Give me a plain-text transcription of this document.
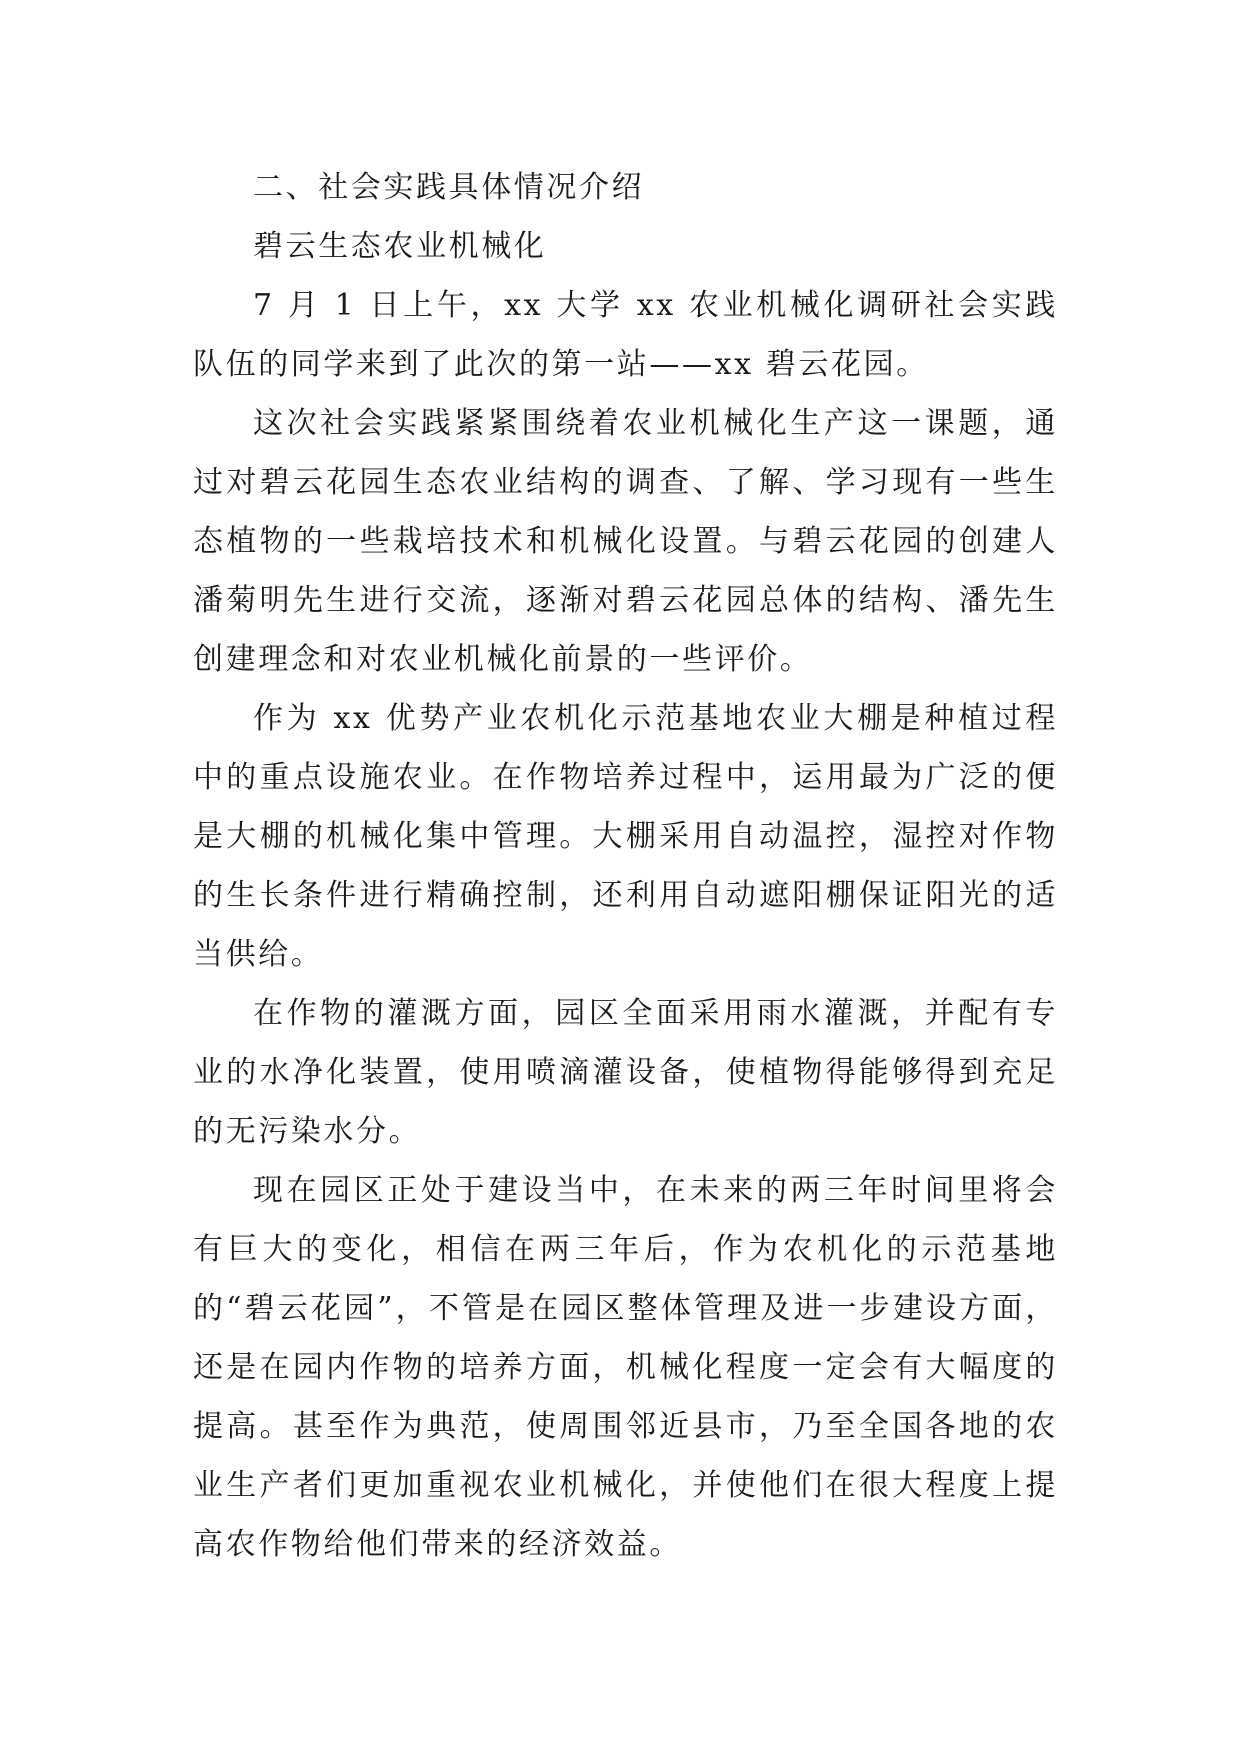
二、社会实践具体情况介绍

碧云生态农业机械化

7 月 1 日上午，xx 大学 xx 农业机械化调研社会实践队伍的同学来到了此次的第一站——xx 碧云花园。

这次社会实践紧紧围绕着农业机械化生产这一课题，通过对碧云花园生态农业结构的调查、了解、学习现有一些生态植物的一些栽培技术和机械化设置。与碧云花园的创建人潘菊明先生进行交流，逐渐对碧云花园总体的结构、潘先生创建理念和对农业机械化前景的一些评价。

作为 xx 优势产业农机化示范基地农业大棚是种植过程中的重点设施农业。在作物培养过程中，运用最为广泛的便是大棚的机械化集中管理。大棚采用自动温控，湿控对作物的生长条件进行精确控制，还利用自动遮阳棚保证阳光的适当供给。

在作物的灌溉方面，园区全面采用雨水灌溉，并配有专业的水净化装置，使用喷滴灌设备，使植物得能够得到充足的无污染水分。

现在园区正处于建设当中，在未来的两三年时间里将会有巨大的变化，相信在两三年后，作为农机化的示范基地的“碧云花园”，不管是在园区整体管理及进一步建设方面，还是在园内作物的培养方面，机械化程度一定会有大幅度的提高。甚至作为典范，使周围邻近县市，乃至全国各地的农业生产者们更加重视农业机械化，并使他们在很大程度上提高农作物给他们带来的经济效益。
